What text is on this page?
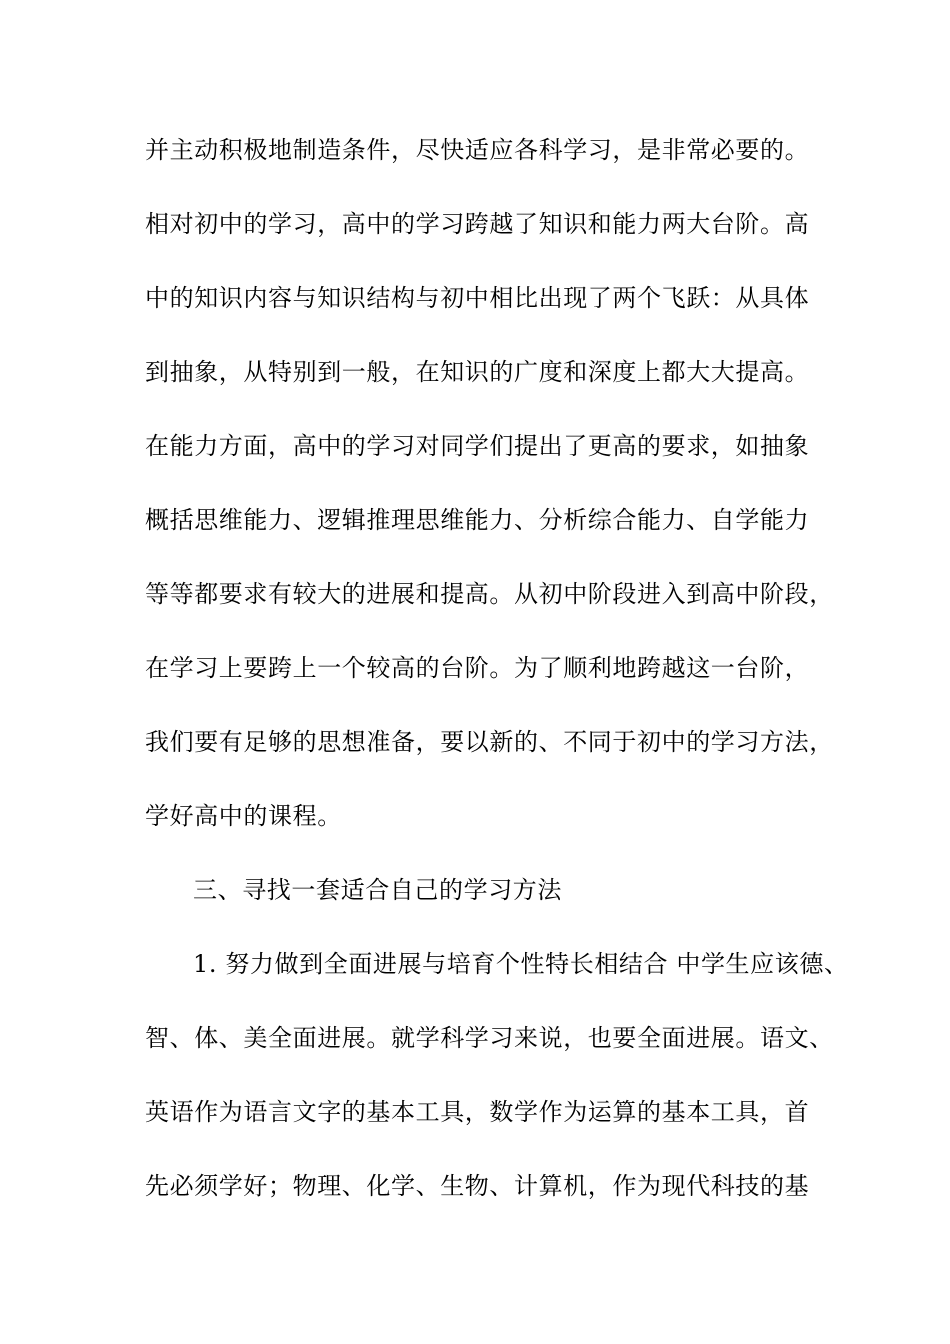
并主动积极地制造条件，尽快适应各科学习，是非常必要的。
相对初中的学习，高中的学习跨越了知识和能力两大台阶。高
中的知识内容与知识结构与初中相比出现了两个飞跃：从具体
到抽象，从特别到一般，在知识的广度和深度上都大大提高。
在能力方面，高中的学习对同学们提出了更高的要求，如抽象
概括思维能力、逻辑推理思维能力、分析综合能力、自学能力
等等都要求有较大的进展和提高。从初中阶段进入到高中阶段，
在学习上要跨上一个较高的台阶。为了顺利地跨越这一台阶，
我们要有足够的思想准备，要以新的、不同于初中的学习方法，
学好高中的课程。
三、寻找一套适合自己的学习方法
1. 努力做到全面进展与培育个性特长相结合 中学生应该德、
智、体、美全面进展。就学科学习来说，也要全面进展。语文、
英语作为语言文字的基本工具，数学作为运算的基本工具，首
先必须学好；物理、化学、生物、计算机，作为现代科技的基
